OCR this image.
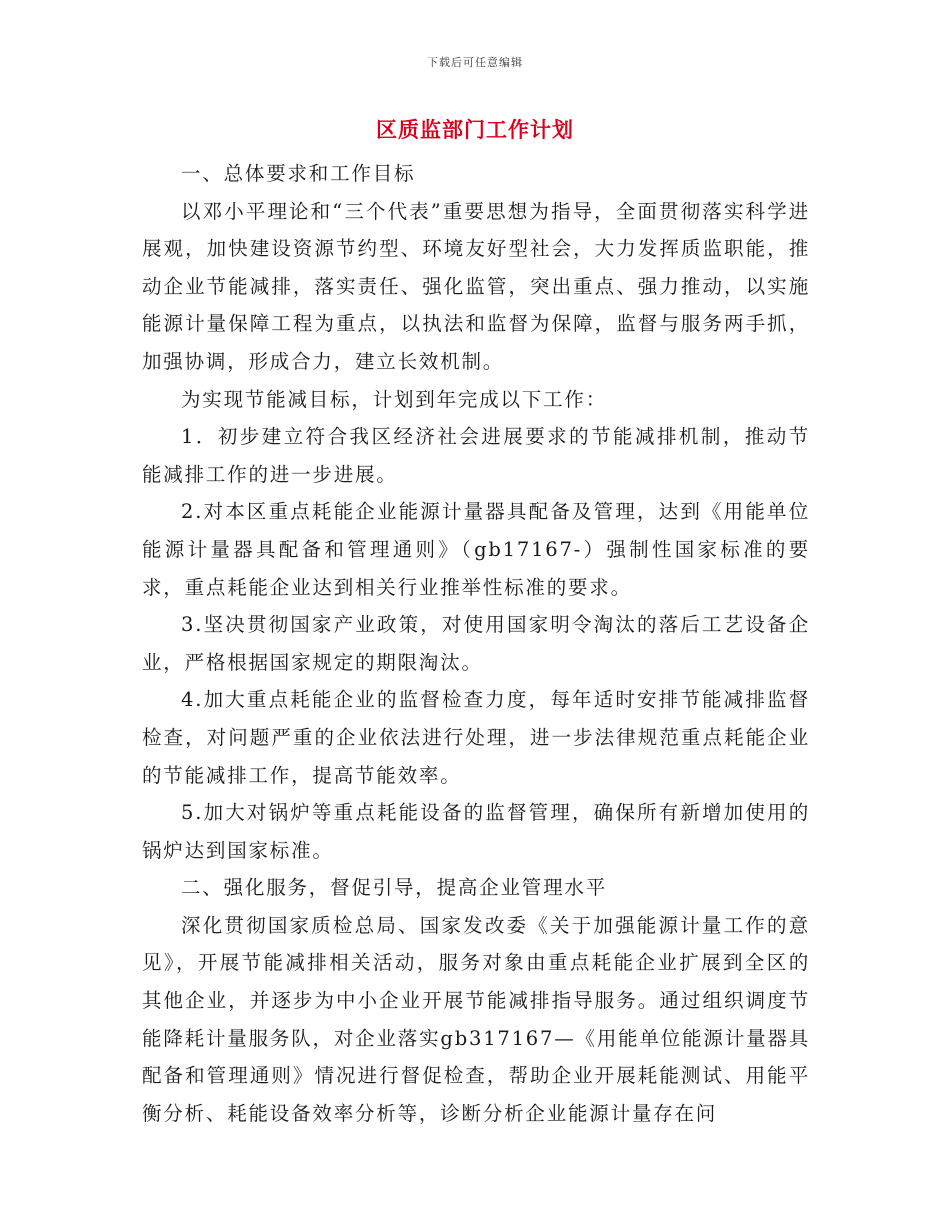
下载后可任意编辑
区质监部门工作计划

一、总体要求和工作目标

以邓小平理论和“三个代表”重要思想为指导，全面贯彻落实科学进展观，加快建设资源节约型、环境友好型社会，大力发挥质监职能，推动企业节能减排，落实责任、强化监管，突出重点、强力推动，以实施能源计量保障工程为重点，以执法和监督为保障，监督与服务两手抓，加强协调，形成合力，建立长效机制。

为实现节能减目标，计划到年完成以下工作：

1．初步建立符合我区经济社会进展要求的节能减排机制，推动节能减排工作的进一步进展。

2.对本区重点耗能企业能源计量器具配备及管理，达到《用能单位能源计量器具配备和管理通则》（gb17167-）强制性国家标准的要求，重点耗能企业达到相关行业推举性标准的要求。

3.坚决贯彻国家产业政策，对使用国家明令淘汰的落后工艺设备企业，严格根据国家规定的期限淘汰。

4.加大重点耗能企业的监督检查力度，每年适时安排节能减排监督检查，对问题严重的企业依法进行处理，进一步法律规范重点耗能企业的节能减排工作，提高节能效率。

5.加大对锅炉等重点耗能设备的监督管理，确保所有新增加使用的锅炉达到国家标准。

二、强化服务，督促引导，提高企业管理水平

深化贯彻国家质检总局、国家发改委《关于加强能源计量工作的意见》，开展节能减排相关活动，服务对象由重点耗能企业扩展到全区的其他企业，并逐步为中小企业开展节能减排指导服务。通过组织调度节能降耗计量服务队，对企业落实gb317167—《用能单位能源计量器具配备和管理通则》情况进行督促检查，帮助企业开展耗能测试、用能平衡分析、耗能设备效率分析等，诊断分析企业能源计量存在问
